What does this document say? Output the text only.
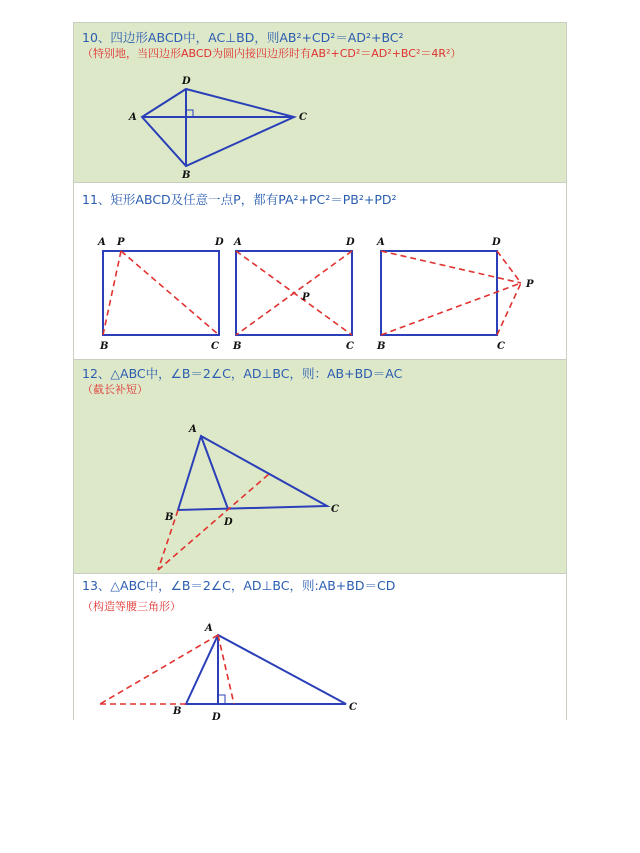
10、四边形ABCD中，AC⊥BD，则AB²+CD²＝AD²+BC²
（特别地，当四边形ABCD为圆内接四边形时有AB²+CD²＝AD²+BC²＝4R²）
A
D
C
B
11、矩形ABCD及任意一点P，都有PA²+PC²＝PB²+PD²
A P	D
B	C
A	D
P
B	C
A	D
P
B	C
12、△ABC中，∠B＝2∠C，AD⊥BC，则：AB+BD＝AC
（截长补短）
A
B	D
C
13、△ABC中，∠B＝2∠C，AD⊥BC，则:AB+BD＝CD
（构造等腰三角形）
A
B
D
C
